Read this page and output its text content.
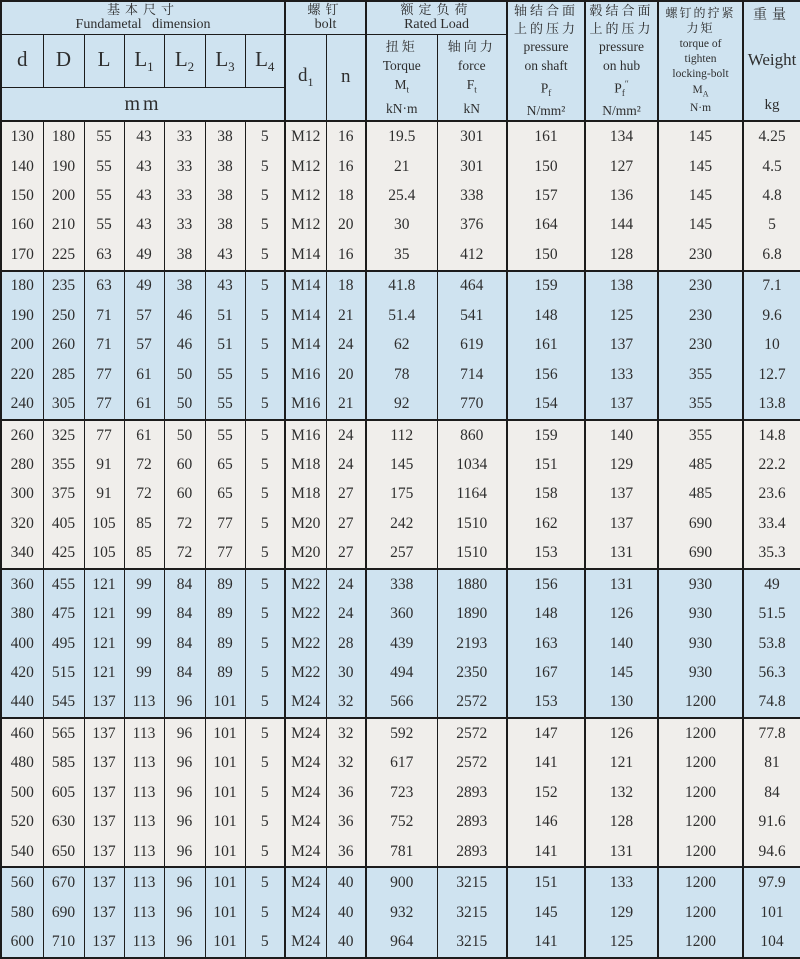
基本尺寸
Fundametal dimension

螺钉
bolt

额定负荷
Rated Load

轴结合面
上的压力
pressure
on shaft
$P_f$
N/mm²

毂结合面
上的压力
pressure
on hub
$P_f''$
N/mm²

螺钉的拧紧
力矩
torque of
tighten
locking-bolt
$M_A$
N·m

重量
Weight
kg

d	D	L	$L_1$	$L_2$	$L_3$	$L_4$	$d_1$	n	
扭矩
Torque
$M_t$
kN·m

轴向力
force
$F_t$
kN

mm														
130	180	55	43	33	38	5	M12	16	19.5	301	161	134	145	4.25
140	190	55	43	33	38	5	M12	16	21	301	150	127	145	4.5
150	200	55	43	33	38	5	M12	18	25.4	338	157	136	145	4.8
160	210	55	43	33	38	5	M12	20	30	376	164	144	145	5
170	225	63	49	38	43	5	M14	16	35	412	150	128	230	6.8
180	235	63	49	38	43	5	M14	18	41.8	464	159	138	230	7.1
190	250	71	57	46	51	5	M14	21	51.4	541	148	125	230	9.6
200	260	71	57	46	51	5	M14	24	62	619	161	137	230	10
220	285	77	61	50	55	5	M16	20	78	714	156	133	355	12.7
240	305	77	61	50	55	5	M16	21	92	770	154	137	355	13.8
260	325	77	61	50	55	5	M16	24	112	860	159	140	355	14.8
280	355	91	72	60	65	5	M18	24	145	1034	151	129	485	22.2
300	375	91	72	60	65	5	M18	27	175	1164	158	137	485	23.6
320	405	105	85	72	77	5	M20	27	242	1510	162	137	690	33.4
340	425	105	85	72	77	5	M20	27	257	1510	153	131	690	35.3
360	455	121	99	84	89	5	M22	24	338	1880	156	131	930	49
380	475	121	99	84	89	5	M22	24	360	1890	148	126	930	51.5
400	495	121	99	84	89	5	M22	28	439	2193	163	140	930	53.8
420	515	121	99	84	89	5	M22	30	494	2350	167	145	930	56.3
440	545	137	113	96	101	5	M24	32	566	2572	153	130	1200	74.8
460	565	137	113	96	101	5	M24	32	592	2572	147	126	1200	77.8
480	585	137	113	96	101	5	M24	32	617	2572	141	121	1200	81
500	605	137	113	96	101	5	M24	36	723	2893	152	132	1200	84
520	630	137	113	96	101	5	M24	36	752	2893	146	128	1200	91.6
540	650	137	113	96	101	5	M24	36	781	2893	141	131	1200	94.6
560	670	137	113	96	101	5	M24	40	900	3215	151	133	1200	97.9
580	690	137	113	96	101	5	M24	40	932	3215	145	129	1200	101
600	710	137	113	96	101	5	M24	40	964	3215	141	125	1200	104
